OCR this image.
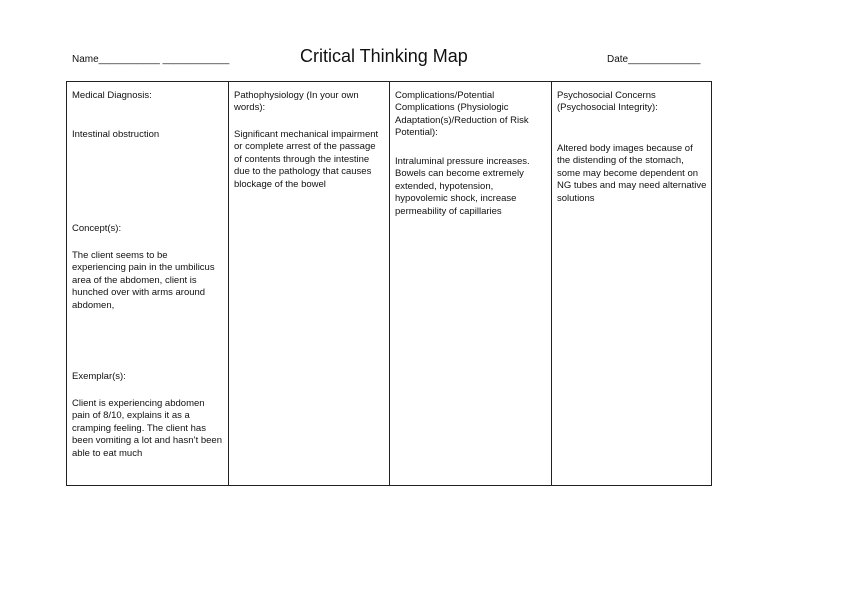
Name___________ ____________	Critical Thinking Map	Date_____________

Medical Diagnosis:

Intestinal obstruction

Concept(s):

The client seems to be experiencing pain in the umbilicus area of the abdomen, client is hunched over with arms around abdomen,

Exemplar(s):

Client is experiencing abdomen pain of 8/10, explains it as a cramping feeling. The client has been vomiting a lot and hasn’t been able to eat much

Pathophysiology (In your own words):

Significant mechanical impairment or complete arrest of the passage of contents through the intestine due to the pathology that causes blockage of the bowel

Complications/Potential Complications (Physiologic Adaptation(s)/Reduction of Risk Potential):

Intraluminal pressure increases. Bowels can become extremely extended, hypotension, hypovolemic shock, increase permeability of capillaries

Psychosocial Concerns (Psychosocial Integrity):

Altered body images because of the distending of the stomach, some may become dependent on NG tubes and may need alternative solutions
